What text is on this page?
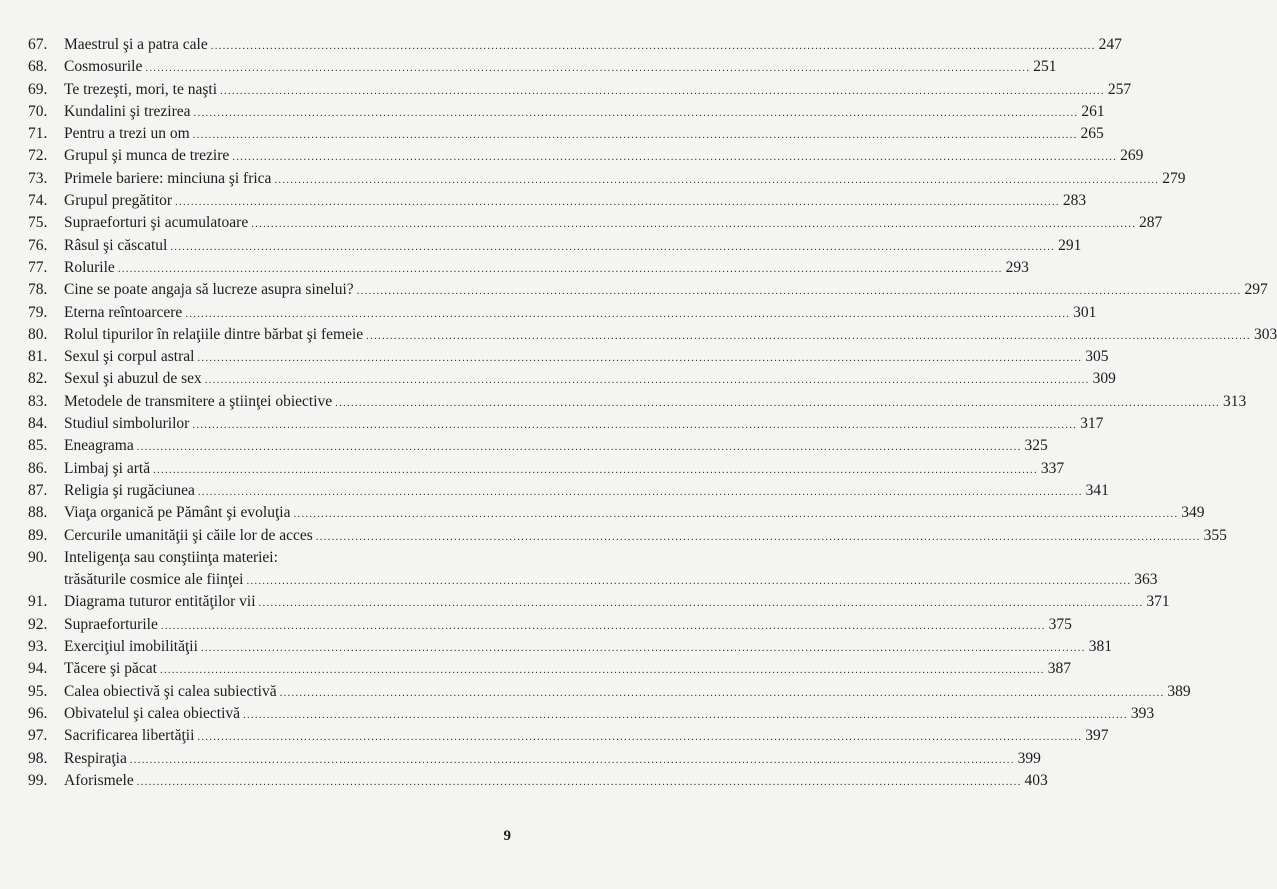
67.	Maestrul şi a patra cale .....	247
68.	Cosmosurile .....	251
69.	Te trezeşti, mori, te naşti .....	257
70.	Kundalini şi trezirea .....	261
71.	Pentru a trezi un om .....	265
72.	Grupul şi munca de trezire .....	269
73.	Primele bariere: minciuna şi frica .....	279
74.	Grupul pregătitor .....	283
75.	Supraeforturi şi acumulatoare .....	287
76.	Râsul şi căscatul .....	291
77.	Rolurile .....	293
78.	Cine se poate angaja să lucreze asupra sinelui? .....	297
79.	Eterna reîntoarcere .....	301
80.	Rolul tipurilor în relaţiile dintre bărbat şi femeie .....	303
81.	Sexul şi corpul astral .....	305
82.	Sexul şi abuzul de sex .....	309
83.	Metodele de transmitere a ştiinţei obiective .....	313
84.	Studiul simbolurilor .....	317
85.	Eneagrama .....	325
86.	Limbaj şi artă .....	337
87.	Religia şi rugăciunea .....	341
88.	Viaţa organică pe Pământ şi evoluţia .....	349
89.	Cercurile umanităţii şi căile lor de acces .....	355
90.	Inteligenţa sau conştiinţa materiei:
trăsăturile cosmice ale fiinţei .....	363
91.	Diagrama tuturor entităţilor vii .....	371
92.	Supraeforturile .....	375
93.	Exerciţiul imobilităţii .....	381
94.	Tăcere şi păcat .....	387
95.	Calea obiectivă şi calea subiectivă .....	389
96.	Obivatelul şi calea obiectivă .....	393
97.	Sacrificarea libertăţii .....	397
98.	Respiraţia .....	399
99.	Aforismele .....	403
9
